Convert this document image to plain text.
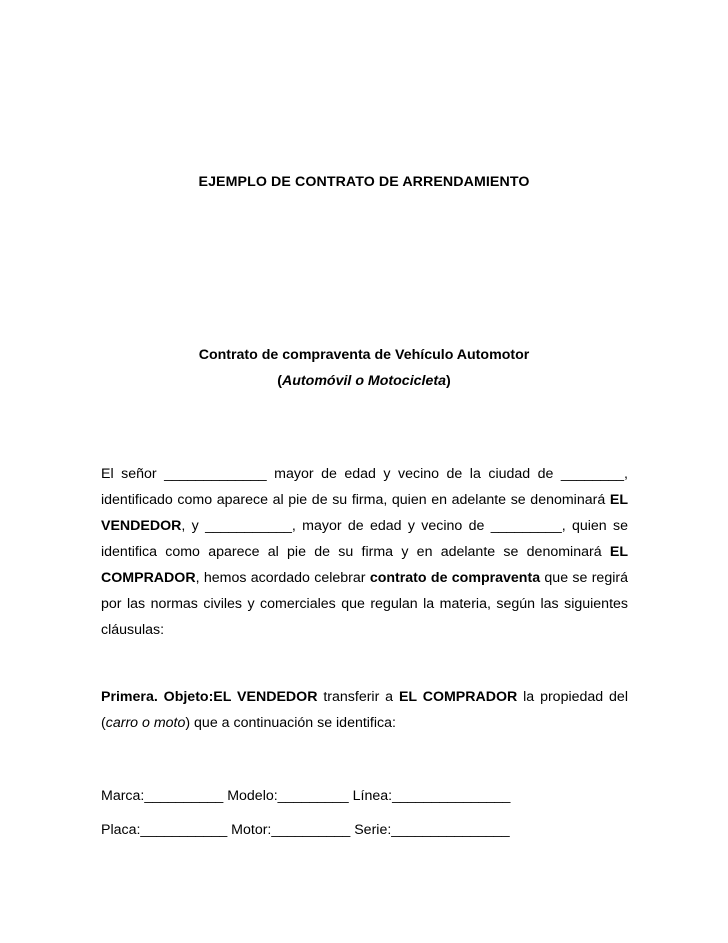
EJEMPLO DE CONTRATO DE ARRENDAMIENTO
Contrato de compraventa de Vehículo Automotor
(Automóvil o Motocicleta)

El señor _____________ mayor de edad y vecino de la ciudad de ________, identificado como aparece al pie de su firma, quien en adelante se denominará EL VENDEDOR, y ___________, mayor de edad y vecino de _________, quien se identifica como aparece al pie de su firma y en adelante se denominará EL COMPRADOR, hemos acordado celebrar contrato de compraventa que se regirá por las normas civiles y comerciales que regulan la materia, según las siguientes cláusulas:

Primera. Objeto:EL VENDEDOR transferir a EL COMPRADOR la propiedad del (carro o moto) que a continuación se identifica:

Marca:__________ Modelo:_________ Línea:_______________

Placa:___________ Motor:__________ Serie:_______________
